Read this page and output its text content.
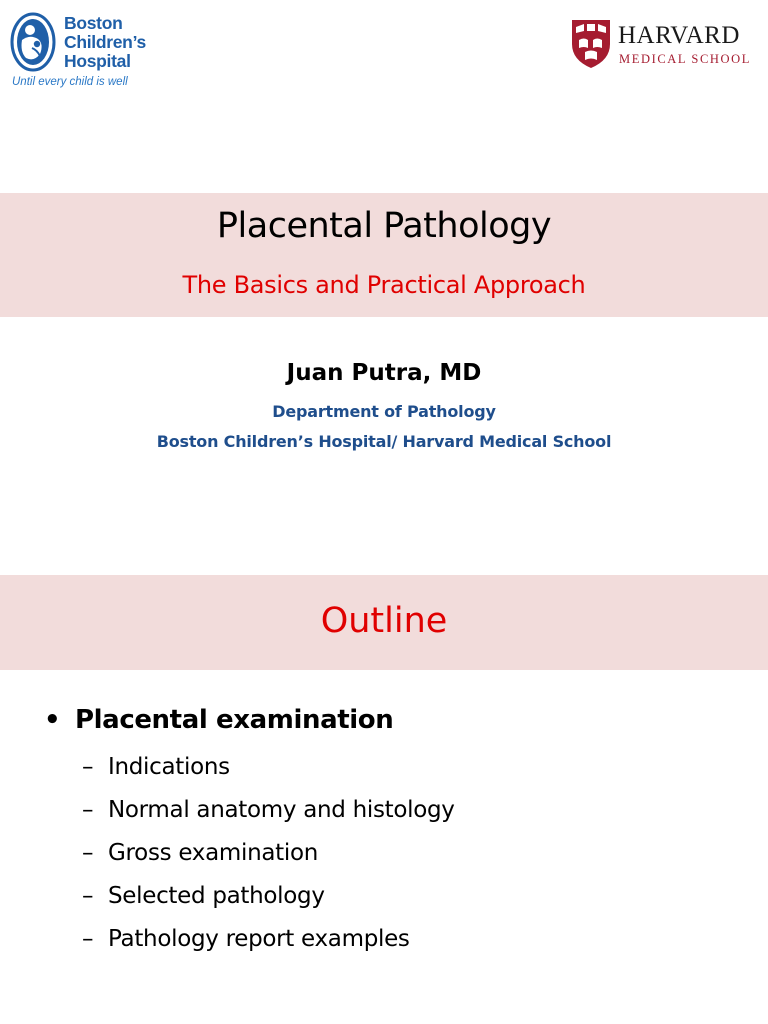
Boston
Children’s
Hospital
Until every child is well
HARVARD
MEDICAL SCHOOL
Placental Pathology
The Basics and Practical Approach
Juan Putra, MD
Department of Pathology
Boston Children’s Hospital/ Harvard Medical School
Outline
• Placental examination
– Indications
– Normal anatomy and histology
– Gross examination
– Selected pathology
– Pathology report examples
